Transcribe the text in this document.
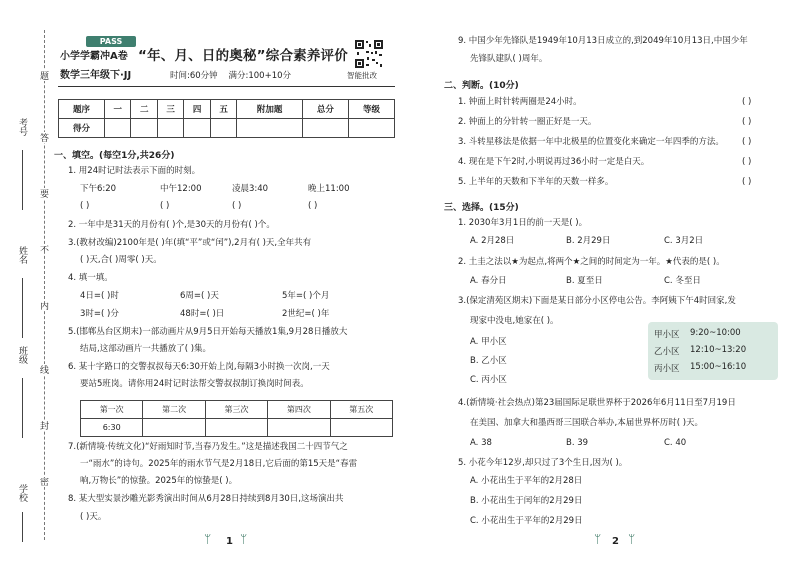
考号
姓名
班级
学校
题
答
要
不
内
线
封
密
PASS
小学学霸冲A卷
数学三年级下·JJ
“年、月、日的奥秘”综合素养评价
时间:60分钟 满分:100+10分	智能批改
题序	一	二	三	四	五	附加题	总分	等级
得分								
一、填空。(每空1分,共26分)
1. 用24时记时法表示下面的时刻。
下午6:20	中午12:00	凌晨3:40	晚上11:00
( )	( )	( )	( )
2. 一年中是31天的月份有( )个,是30天的月份有( )个。
3.(教材改编)2100年是( )年(填“平”或“闰”),2月有( )天,全年共有
( )天,合( )周零( )天。
4. 填一填。
4日=( )时	6周=( )天	5年=( )个月
3时=( )分	48时=( )日	2世纪=( )年
5.(邯郸丛台区期末)一部动画片从9月5日开始每天播放1集,9月28日播放大
结局,这部动画片一共播放了( )集。
6. 某十字路口的交警叔叔每天6:30开始上岗,每隔3小时换一次岗,一天
要站5班岗。请你用24时记时法帮交警叔叔制订换岗时间表。
第一次	第二次	第三次	第四次	第五次
6:30				
7.(新情境·传统文化)“好雨知时节,当春乃发生。”这是描述我国二十四节气之
一“雨水”的诗句。2025年的雨水节气是2月18日,它后面的第15天是“春雷
响,万物长”的惊蛰。2025年的惊蛰是( )。
8. 某大型实景沙雕光影秀演出时间从6月28日持续到8月30日,这场演出共
( )天。
ᛘ 1 ᛘ
9. 中国少年先锋队是1949年10月13日成立的,到2049年10月13日,中国少年
先锋队建队( )周年。
二、判断。(10分)
1. 钟面上时针转两圈是24小时。	( )
2. 钟面上的分针转一圈正好是一天。	( )
3. 斗转星移法是依据一年中北极星的位置变化来确定一年四季的方法。 ( )
4. 现在是下午2时,小明说再过36小时一定是白天。	( )
5. 上半年的天数和下半年的天数一样多。	( )
三、选择。(15分)
1. 2030年3月1日的前一天是( )。
A. 2月28日	B. 2月29日	C. 3月2日
2. 土圭之法以★为起点,将两个★之间的时间定为一年。★代表的是( )。
A. 春分日	B. 夏至日	C. 冬至日
3.(保定清苑区期末)下面是某日部分小区停电公告。李阿姨下午4时回家,发
现家中没电,她家在( )。
A. 甲小区
B. 乙小区
C. 丙小区
甲小区 9:20~10:00
乙小区 12:10~13:20
丙小区 15:00~16:10
4.(新情境·社会热点)第23届国际足联世界杯于2026年6月11日至7月19日
在美国、加拿大和墨西哥三国联合举办,本届世界杯历时( )天。
A. 38	B. 39	C. 40
5. 小花今年12岁,却只过了3个生日,因为( )。
A. 小花出生于平年的2月28日
B. 小花出生于闰年的2月29日
C. 小花出生于平年的2月29日
ᛘ 2 ᛘ
